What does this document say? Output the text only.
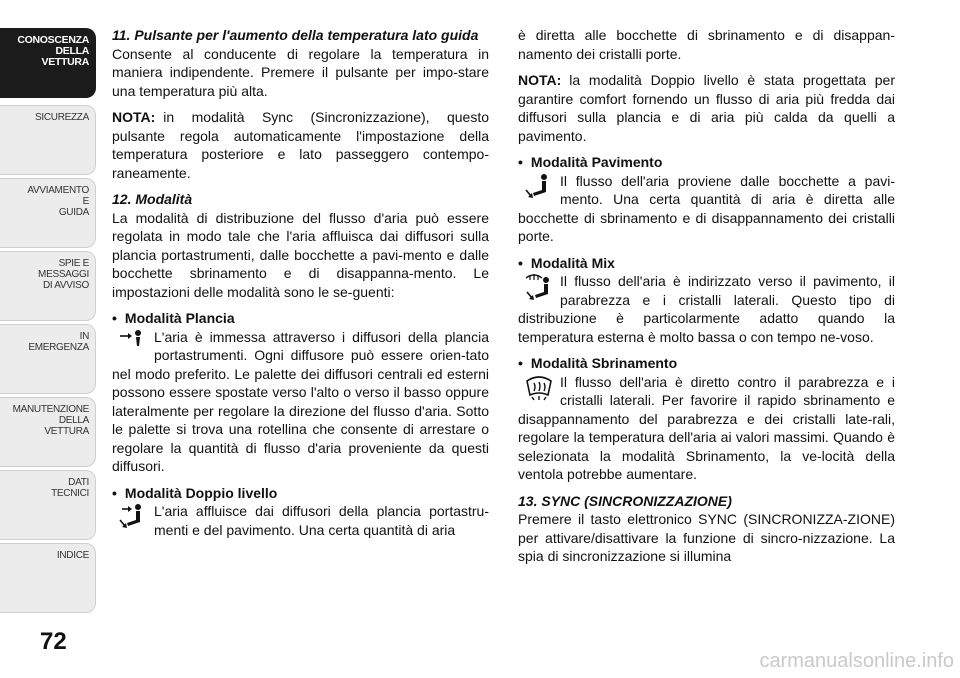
CONOSCENZA
DELLA
VETTURA
SICUREZZA
AVVIAMENTO
E
GUIDA
SPIE E
MESSAGGI
DI AVVISO
IN
EMERGENZA
MANUTENZIONE
DELLA
VETTURA
DATI
TECNICI
INDICE
72

11. Pulsante per l'aumento della temperatura lato guida

Consente al conducente di regolare la temperatura in maniera indipendente. Premere il pulsante per impo-stare una temperatura più alta.

NOTA: in modalità Sync (Sincronizzazione), questo pulsante regola automaticamente l'impostazione della temperatura posteriore e lato passeggero contempo-raneamente.

12. Modalità

La modalità di distribuzione del flusso d'aria può essere regolata in modo tale che l'aria affluisca dai diffusori sulla plancia portastrumenti, dalle bocchette a pavi-mento e dalle bocchette sbrinamento e di disappanna-mento. Le impostazioni delle modalità sono le se-guenti:

• Modalità Plancia

L'aria è immessa attraverso i diffusori della plancia portastrumenti. Ogni diffusore può essere orien-tato nel modo preferito. Le palette dei diffusori centrali ed esterni possono essere spostate verso l'alto o verso il basso oppure lateralmente per regolare la direzione del flusso d'aria. Sotto le palette si trova una rotellina che consente di arrestare o regolare la quantità di flusso d'aria proveniente da questi diffusori.

• Modalità Doppio livello

L'aria affluisce dai diffusori della plancia portastru-menti e del pavimento. Una certa quantità di aria

è diretta alle bocchette di sbrinamento e di disappan-namento dei cristalli porte.

NOTA: la modalità Doppio livello è stata progettata per garantire comfort fornendo un flusso di aria più fredda dai diffusori sulla plancia e di aria più calda da quelli a pavimento.

• Modalità Pavimento

Il flusso dell'aria proviene dalle bocchette a pavi-mento. Una certa quantità di aria è diretta alle bocchette di sbrinamento e di disappannamento dei cristalli porte.

• Modalità Mix

Il flusso dell'aria è indirizzato verso il pavimento, il parabrezza e i cristalli laterali. Questo tipo di distribuzione è particolarmente adatto quando la temperatura esterna è molto bassa o con tempo ne-voso.

• Modalità Sbrinamento

Il flusso dell'aria è diretto contro il parabrezza e i cristalli laterali. Per favorire il rapido sbrinamento e disappannamento del parabrezza e dei cristalli late-rali, regolare la temperatura dell'aria ai valori massimi. Quando è selezionata la modalità Sbrinamento, la ve-locità della ventola potrebbe aumentare.

13. SYNC (SINCRONIZZAZIONE)

Premere il tasto elettronico SYNC (SINCRONIZZA-ZIONE) per attivare/disattivare la funzione di sincro-nizzazione. La spia di sincronizzazione si illumina

carmanualsonline.info
